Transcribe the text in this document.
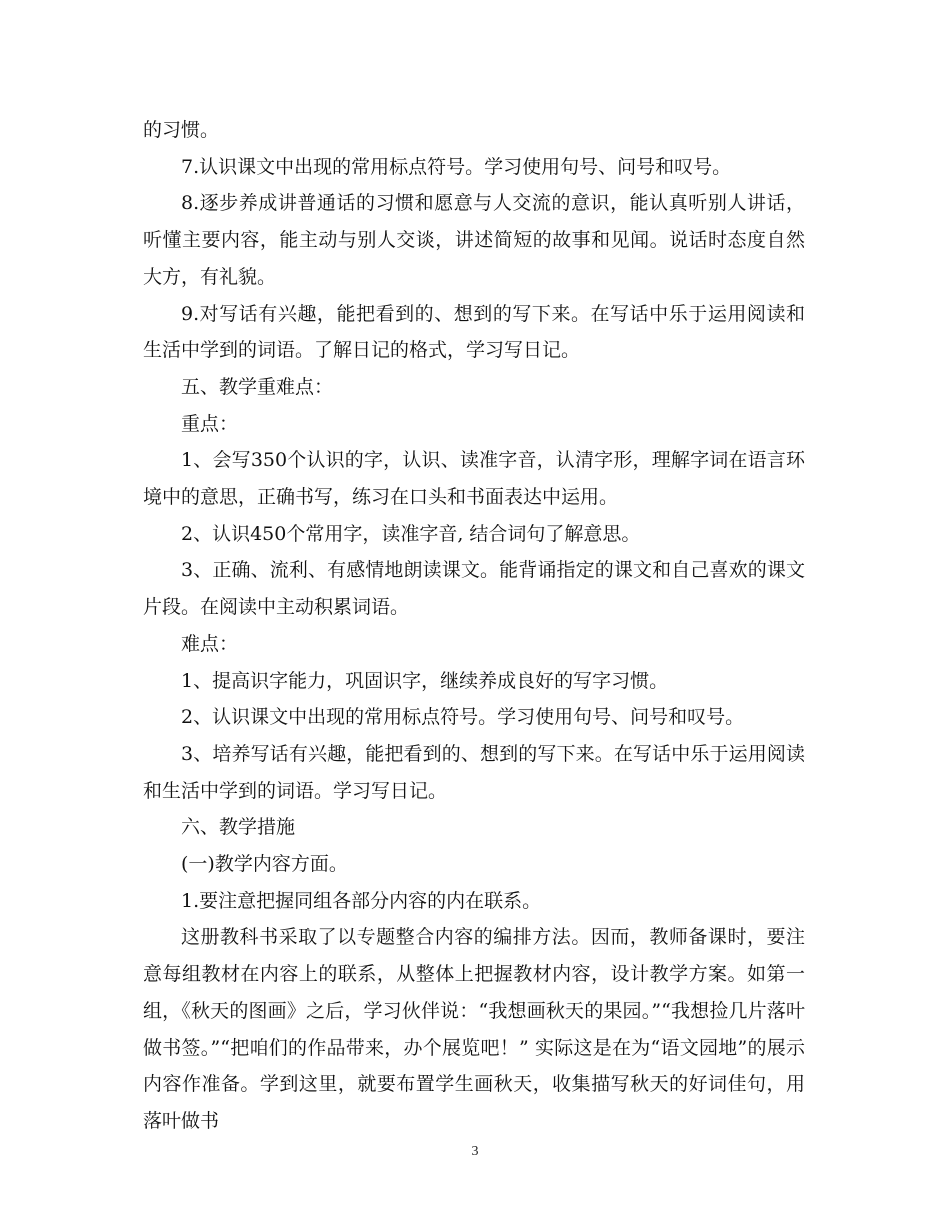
的习惯。

7.认识课文中出现的常用标点符号。学习使用句号、问号和叹号。

8.逐步养成讲普通话的习惯和愿意与人交流的意识，能认真听别人讲话，听懂主要内容，能主动与别人交谈，讲述简短的故事和见闻。说话时态度自然大方，有礼貌。

9.对写话有兴趣，能把看到的、想到的写下来。在写话中乐于运用阅读和生活中学到的词语。了解日记的格式，学习写日记。

五、教学重难点：

重点：

1、会写350个认识的字，认识、读准字音，认清字形，理解字词在语言环境中的意思，正确书写，练习在口头和书面表达中运用。

2、认识450个常用字，读准字音, 结合词句了解意思。

3、正确、流利、有感情地朗读课文。能背诵指定的课文和自己喜欢的课文片段。在阅读中主动积累词语。

难点：

1、提高识字能力，巩固识字，继续养成良好的写字习惯。

2、认识课文中出现的常用标点符号。学习使用句号、问号和叹号。

3、培养写话有兴趣，能把看到的、想到的写下来。在写话中乐于运用阅读和生活中学到的词语。学习写日记。

六、教学措施

(一)教学内容方面。

1.要注意把握同组各部分内容的内在联系。

这册教科书采取了以专题整合内容的编排方法。因而，教师备课时，要注意每组教材在内容上的联系，从整体上把握教材内容，设计教学方案。如第一组，《秋天的图画》之后，学习伙伴说：“我想画秋天的果园。”“我想捡几片落叶做书签。”“把咱们的作品带来，办个展览吧！” 实际这是在为“语文园地”的展示内容作准备。学到这里，就要布置学生画秋天，收集描写秋天的好词佳句，用落叶做书

3
